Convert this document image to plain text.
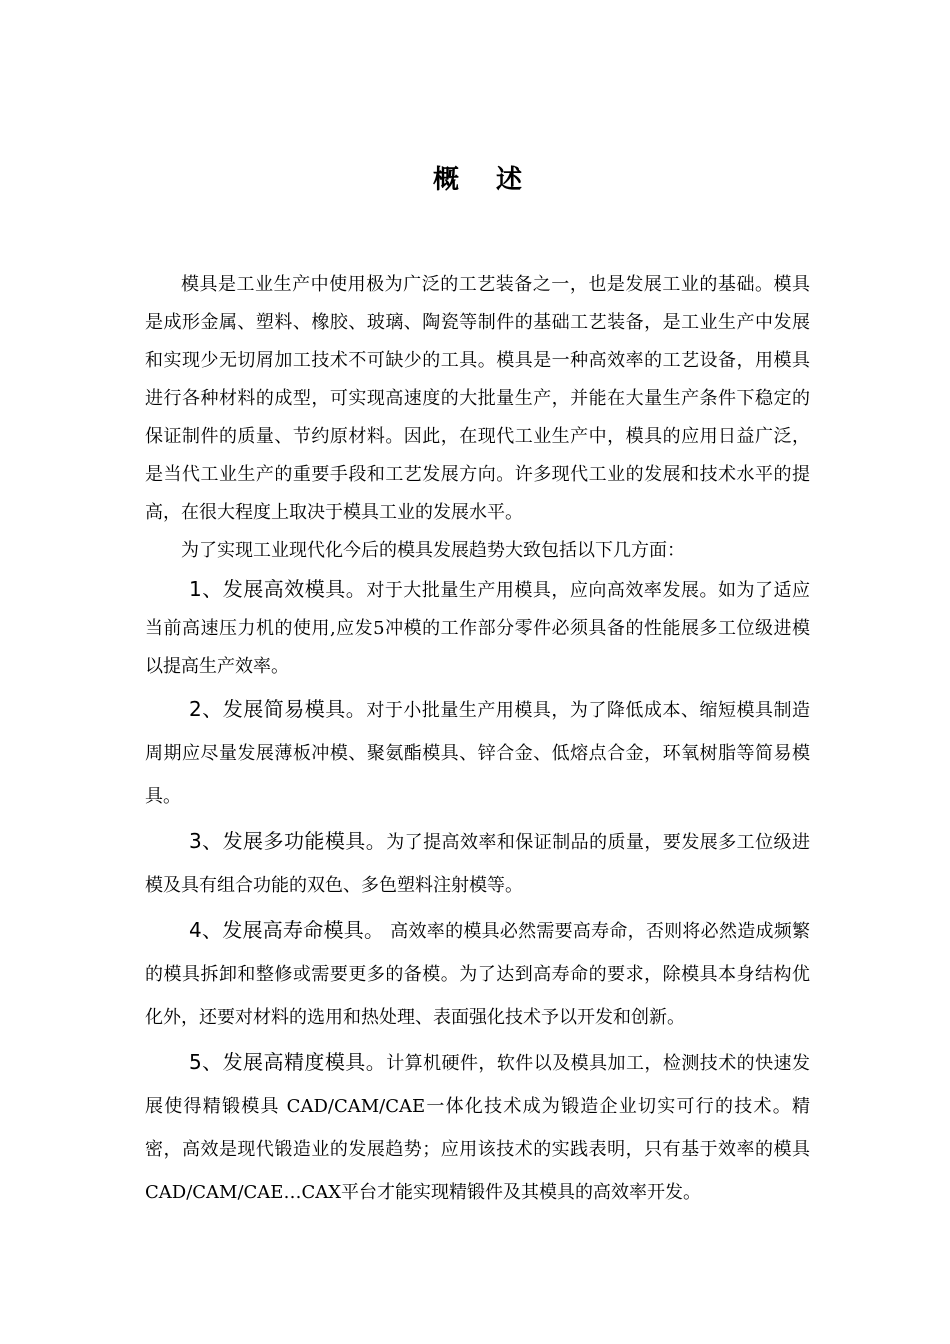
概 述

模具是工业生产中使用极为广泛的工艺装备之一，也是发展工业的基础。模具是成形金属、塑料、橡胶、玻璃、陶瓷等制件的基础工艺装备，是工业生产中发展和实现少无切屑加工技术不可缺少的工具。模具是一种高效率的工艺设备，用模具进行各种材料的成型，可实现高速度的大批量生产，并能在大量生产条件下稳定的保证制件的质量、节约原材料。因此，在现代工业生产中，模具的应用日益广泛，是当代工业生产的重要手段和工艺发展方向。许多现代工业的发展和技术水平的提高，在很大程度上取决于模具工业的发展水平。

为了实现工业现代化今后的模具发展趋势大致包括以下几方面：

1、发展高效模具。对于大批量生产用模具，应向高效率发展。如为了适应当前高速压力机的使用,应发5冲模的工作部分零件必须具备的性能展多工位级进模以提高生产效率。

2、发展简易模具。对于小批量生产用模具，为了降低成本、缩短模具制造周期应尽量发展薄板冲模、聚氨酯模具、锌合金、低熔点合金，环氧树脂等简易模具。

3、发展多功能模具。为了提高效率和保证制品的质量，要发展多工位级进模及具有组合功能的双色、多色塑料注射模等。

4、发展高寿命模具。 高效率的模具必然需要高寿命，否则将必然造成频繁的模具拆卸和整修或需要更多的备模。为了达到高寿命的要求，除模具本身结构优化外，还要对材料的选用和热处理、表面强化技术予以开发和创新。

5、发展高精度模具。计算机硬件，软件以及模具加工，检测技术的快速发展使得精锻模具 CAD/CAM/CAE一体化技术成为锻造企业切实可行的技术。精密，高效是现代锻造业的发展趋势；应用该技术的实践表明，只有基于效率的模具CAD/CAM/CAE…CAX平台才能实现精锻件及其模具的高效率开发。
